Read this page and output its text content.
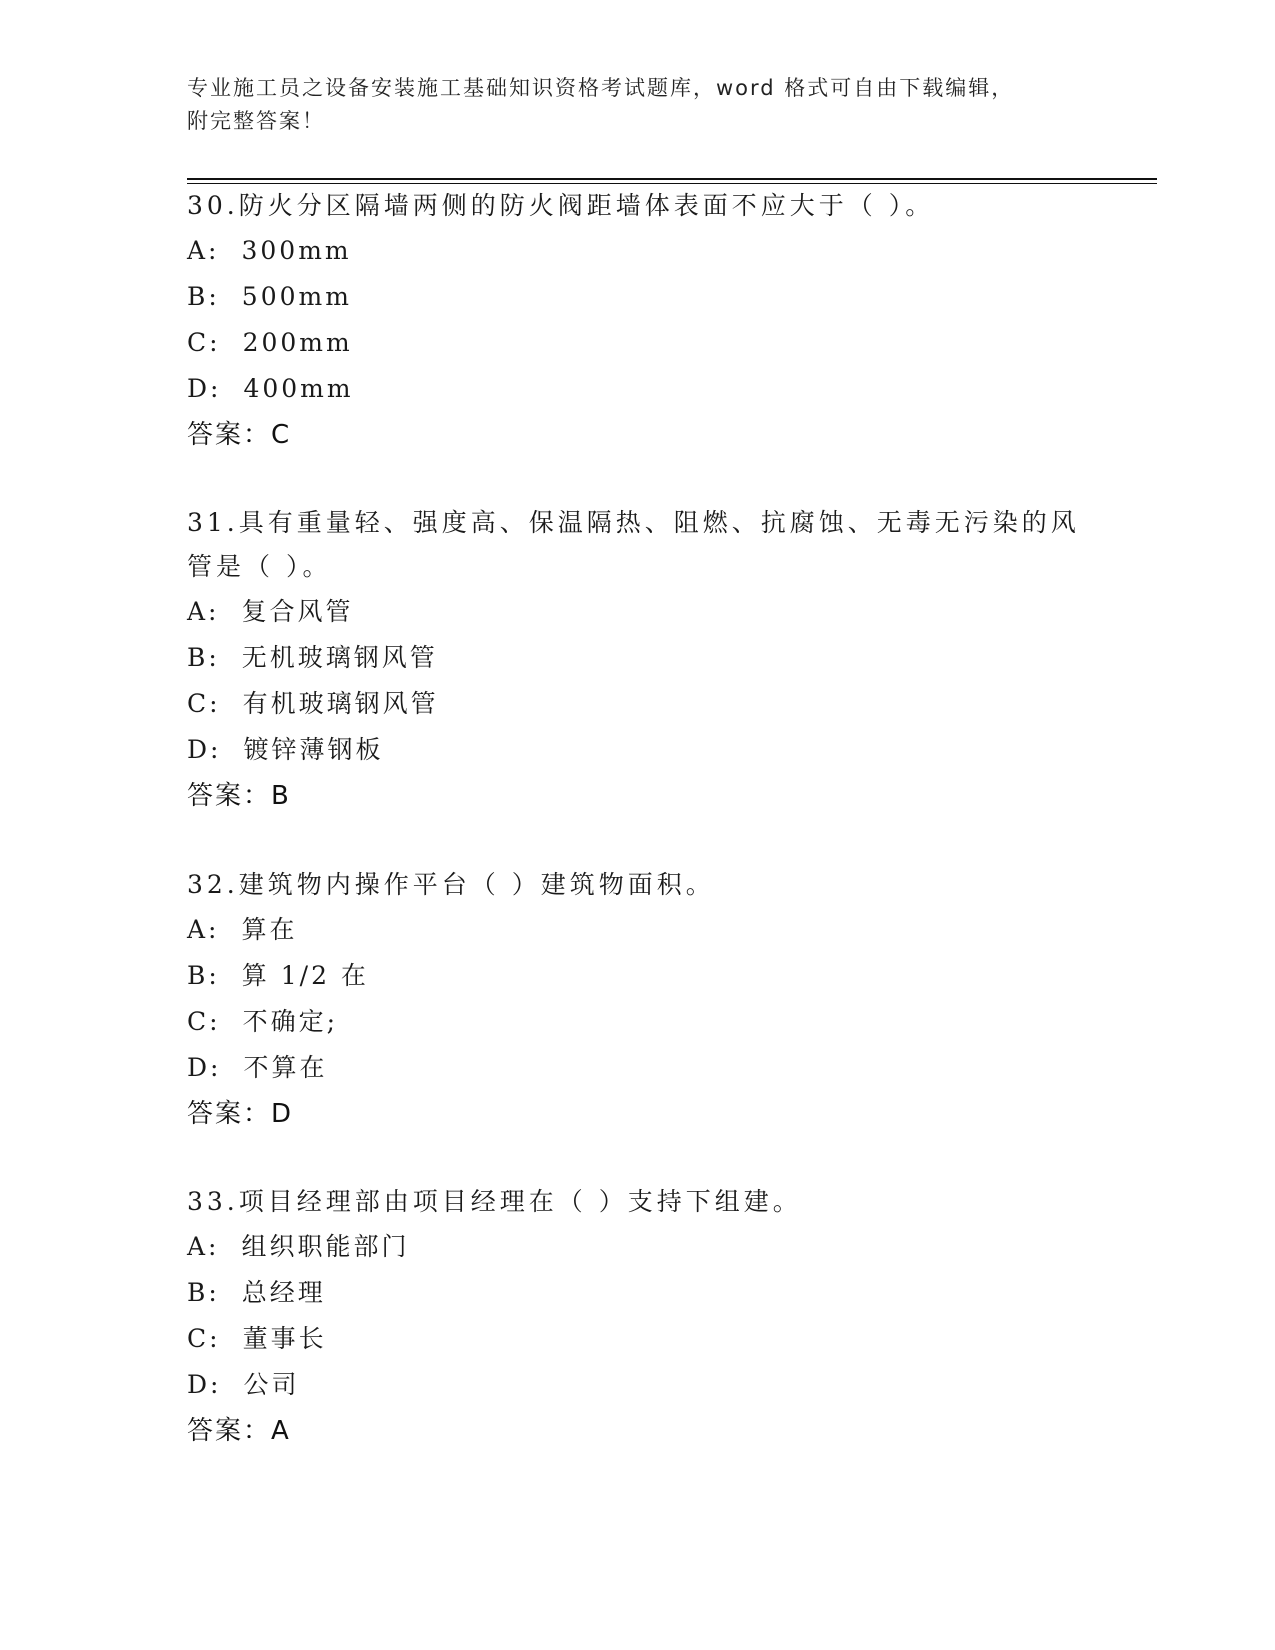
专业施工员之设备安装施工基础知识资格考试题库，word 格式可自由下载编辑，
附完整答案！

30.防火分区隔墙两侧的防火阀距墙体表面不应大于（ ）。

A: 300mm
B: 500mm
C: 200mm
D: 400mm
答案：C

31.具有重量轻、强度高、保温隔热、阻燃、抗腐蚀、无毒无污染的风管是（ ）。

A: 复合风管
B: 无机玻璃钢风管
C: 有机玻璃钢风管
D: 镀锌薄钢板
答案：B

32.建筑物内操作平台（ ）建筑物面积。

A: 算在
B: 算 1/2 在
C: 不确定;
D: 不算在
答案：D

33.项目经理部由项目经理在（ ）支持下组建。

A: 组织职能部门
B: 总经理
C: 董事长
D: 公司
答案：A
